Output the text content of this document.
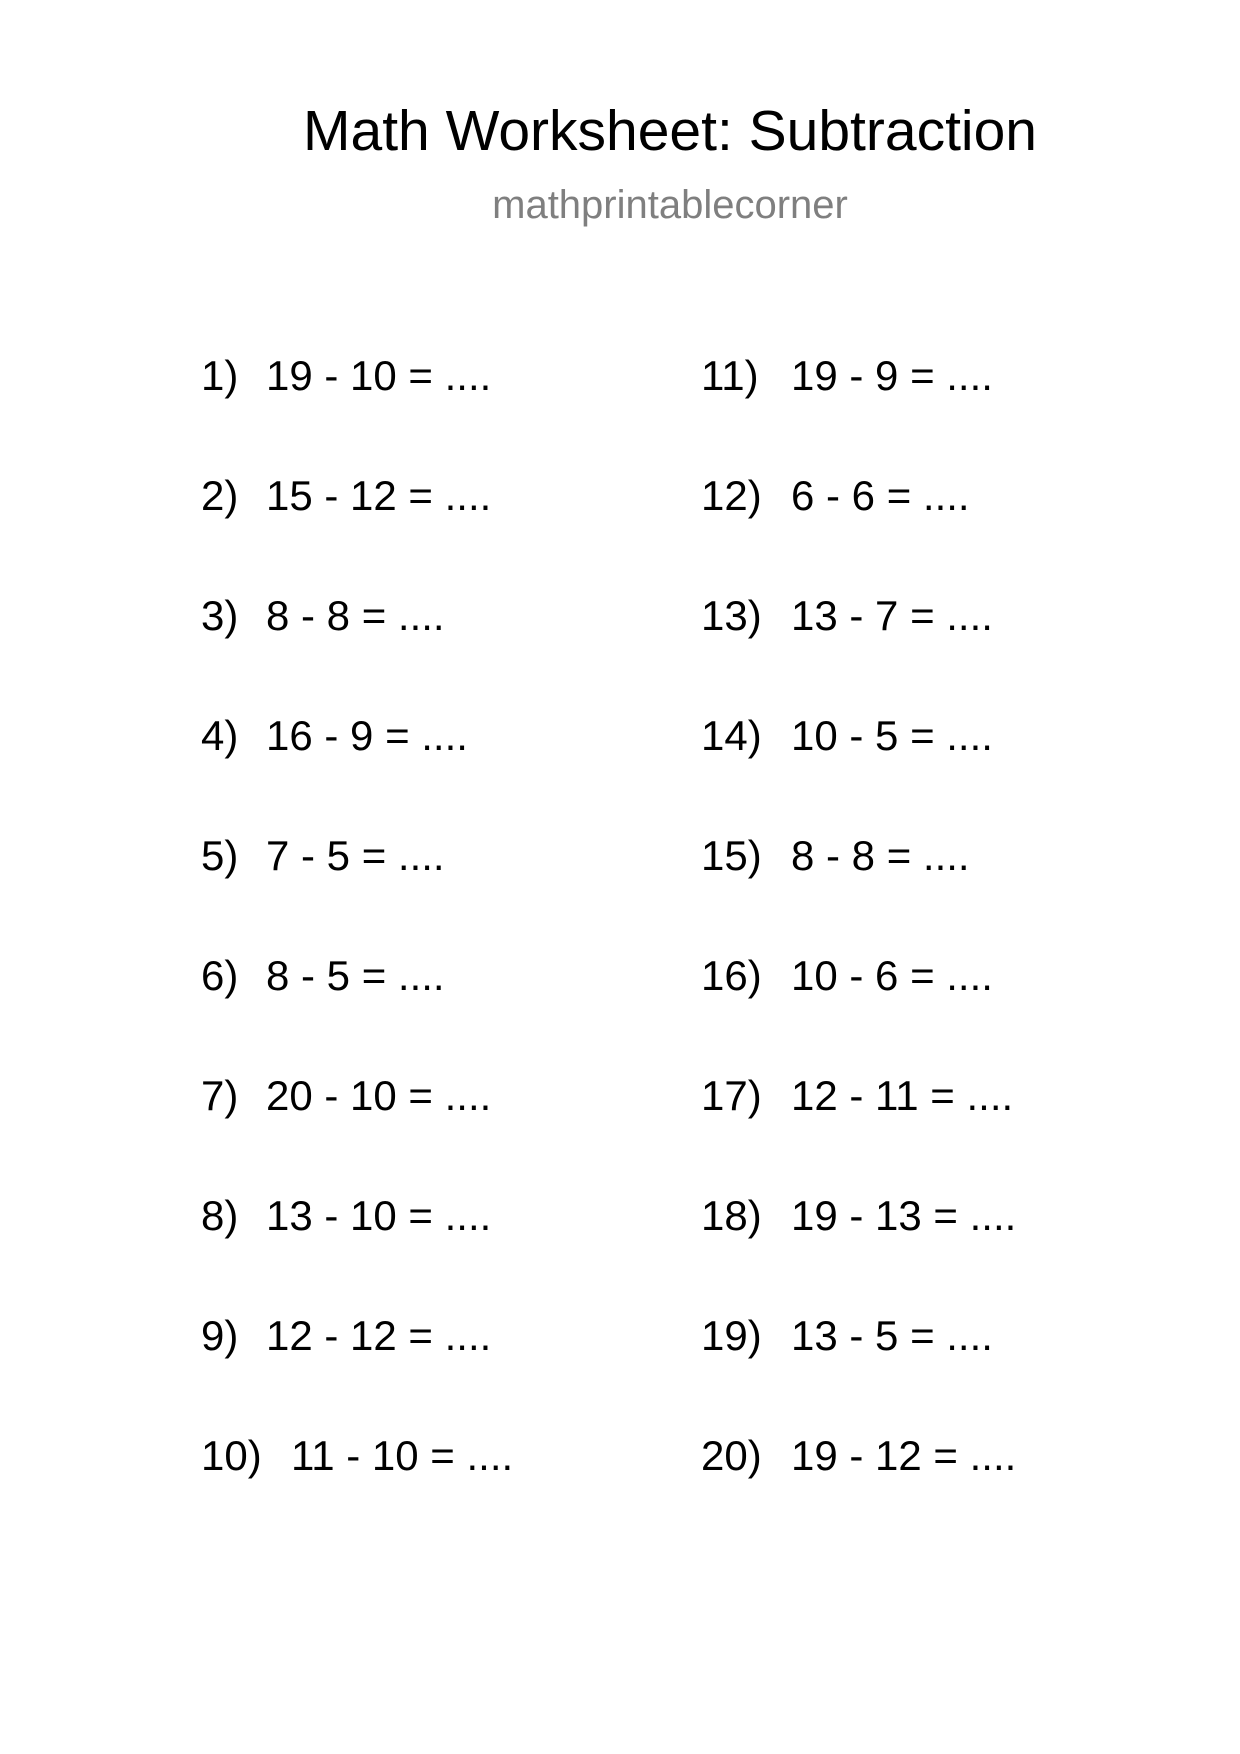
Math Worksheet: Subtraction
mathprintablecorner
1) 19 - 10 = ....
2) 15 - 12 = ....
3) 8 - 8 = ....
4) 16 - 9 = ....
5) 7 - 5 = ....
6) 8 - 5 = ....
7) 20 - 10 = ....
8) 13 - 10 = ....
9) 12 - 12 = ....
10) 11 - 10 = ....
11) 19 - 9 = ....
12) 6 - 6 = ....
13) 13 - 7 = ....
14) 10 - 5 = ....
15) 8 - 8 = ....
16) 10 - 6 = ....
17) 12 - 11 = ....
18) 19 - 13 = ....
19) 13 - 5 = ....
20) 19 - 12 = ....
